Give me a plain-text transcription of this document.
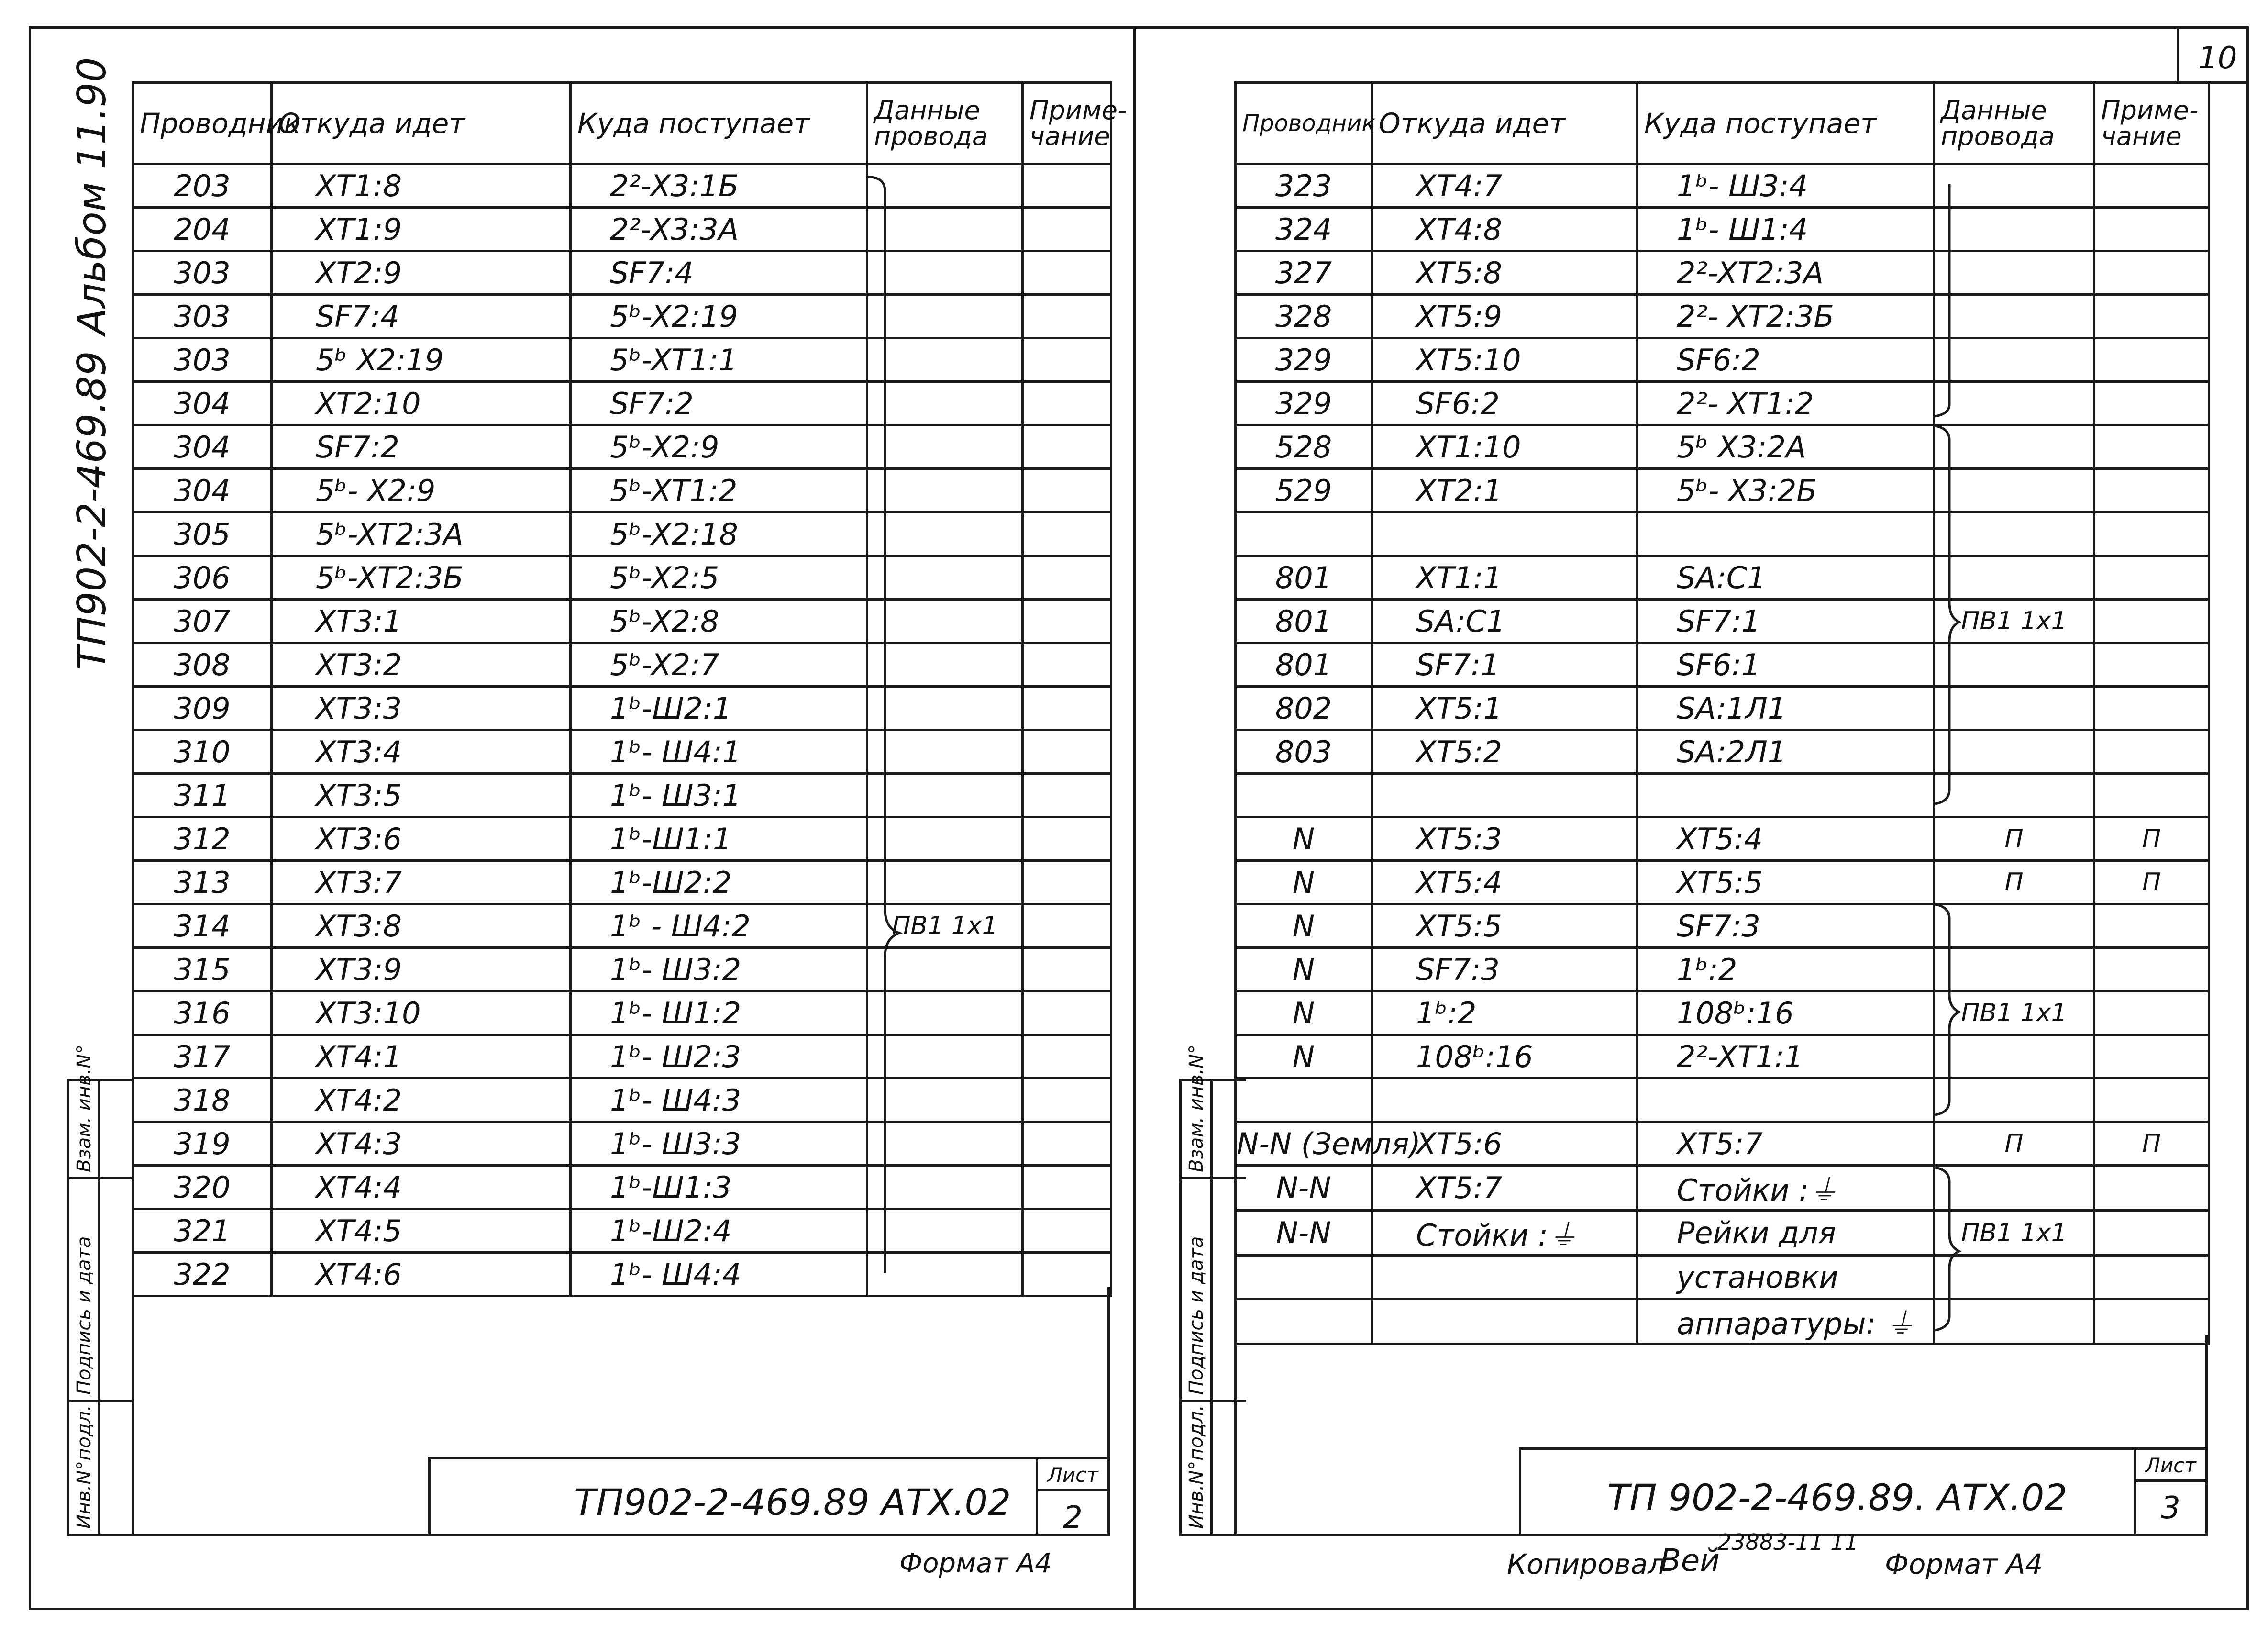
Альбом 11.90
ТП902-2-469.89
Взам. инв.N°
Подпись и дата
Инв.N°подл.
Проводник	Откуда идет	Куда поступает	Данные
провода	Приме-
чание
203	XT1:8	2²-X3:1Б		
204	XT1:9	2²-X3:3А		
303	XT2:9	SF7:4		
303	SF7:4	5ᵇ-X2:19		
303	5ᵇ X2:19	5ᵇ-XT1:1		
304	XT2:10	SF7:2		
304	SF7:2	5ᵇ-X2:9		
304	5ᵇ- X2:9	5ᵇ-XT1:2		
305	5ᵇ-XT2:3А	5ᵇ-X2:18		
306	5ᵇ-XT2:3Б	5ᵇ-X2:5		
307	XT3:1	5ᵇ-X2:8		
308	XT3:2	5ᵇ-X2:7		
309	XT3:3	1ᵇ-Ш2:1		
310	XT3:4	1ᵇ- Ш4:1		
311	XT3:5	1ᵇ- Ш3:1		
312	XT3:6	1ᵇ-Ш1:1		
313	XT3:7	1ᵇ-Ш2:2		
314	XT3:8	1ᵇ - Ш4:2	ПВ1 1х1	
315	XT3:9	1ᵇ- Ш3:2		
316	XT3:10	1ᵇ- Ш1:2		
317	XT4:1	1ᵇ- Ш2:3		
318	XT4:2	1ᵇ- Ш4:3		
319	XT4:3	1ᵇ- Ш3:3		
320	XT4:4	1ᵇ-Ш1:3		
321	XT4:5	1ᵇ-Ш2:4		
322	XT4:6	1ᵇ- Ш4:4		
ТП902-2-469.89 АТХ.02
Лист
2
Формат А4
10
Взам. инв.N°
Подпись и дата
Инв.N°подл.
Проводник	Откуда идет	Куда поступает	Данные
провода	Приме-
чание
323	XT4:7	1ᵇ- Ш3:4		
324	XT4:8	1ᵇ- Ш1:4		
327	XT5:8	2²-XT2:3А		
328	XT5:9	2²- XT2:3Б		
329	XT5:10	SF6:2		
329	SF6:2	2²- XT1:2		
528	XT1:10	5ᵇ X3:2А		
529	XT2:1	5ᵇ- X3:2Б		

801	XT1:1	SA:C1		
801	SA:C1	SF7:1	ПВ1 1х1	
801	SF7:1	SF6:1		
802	XT5:1	SA:1Л1		
803	XT5:2	SA:2Л1		

N	XT5:3	XT5:4	П	П
N	XT5:4	XT5:5	П	П
N	XT5:5	SF7:3		
N	SF7:3	1ᵇ:2		
N	1ᵇ:2	108ᵇ:16	ПВ1 1х1	
N	108ᵇ:16	2²-XT1:1		

N-N (Земля)	XT5:6	XT5:7	П	П
N-N	XT5:7	Стойки :⏚		
N-N	Стойки :⏚	Рейки для	ПВ1 1х1	
		установки		
		аппаратуры: ⏚		
ТП 902-2-469.89. АТХ.02
Лист
3
Копировал
Вей
23883-11 11
Формат А4
